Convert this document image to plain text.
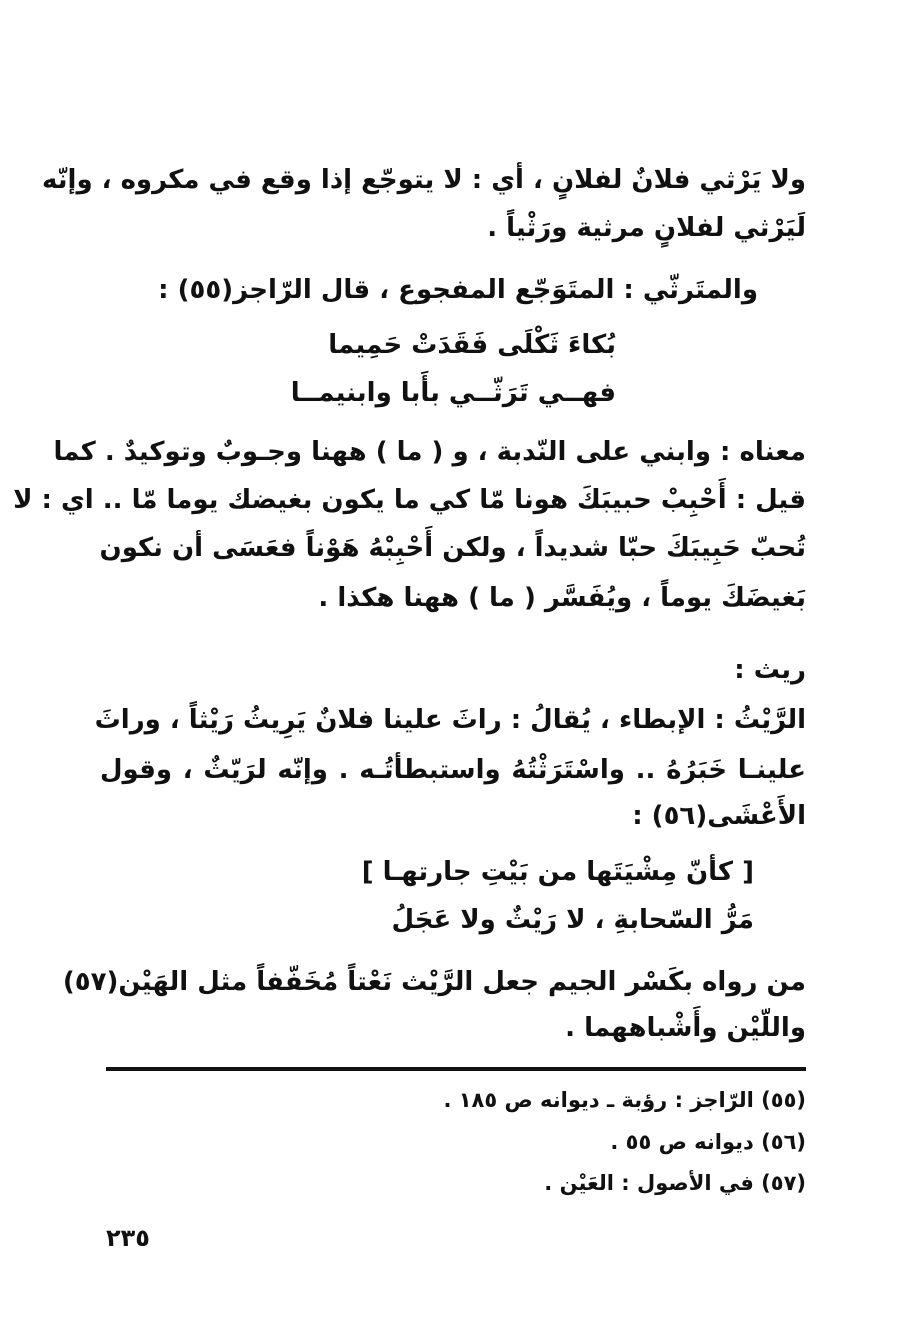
ولا يَرْثي فلانٌ لفلانٍ ، أي : لا يتوجّع إذا وقع في مكروه ، وإنّه
لَيَرْثي لفلانٍ مرثية ورَثْياً .
والمتَرثّي : المتَوَجّع المفجوع ، قال الرّاجز(٥٥) :
بُكاءَ ثَكْلَى فَقَدَتْ حَمِيما
فهــي تَرَثّــي بأَبا وابنيمــا
معناه : وابني على النّدبة ، و ( ما ) ههنا وجـوبٌ وتوكيدٌ . كما
قيل : أَحْبِبْ حبيبَكَ هونا مّا كي ما يكون بغيضك يوما مّا .. اي : لا
تُحبّ حَبِيبَكَ حبّا شديداً ، ولكن أَحْبِبْهُ هَوْناً فعَسَى أن نكون
بَغيضَكَ يوماً ، ويُفَسَّر ( ما ) ههنا هكذا .
ريث :
الرَّيْثُ : الإبطاء ، يُقالُ : راثَ علينا فلانٌ يَرِيثُ رَيْثاً ، وراثَ
علينـا خَبَرُهُ .. واسْتَرَثْتُهُ واستبطأتُـه . وإنّه لرَيّثٌ ، وقول
الأَعْشَى(٥٦) :
[ كأنّ مِشْيَتَها من بَيْتِ جارتهـا ]
مَرُّ السّحابةِ ، لا رَيْثٌ ولا عَجَلُ
من رواه بكَسْر الجيم جعل الرَّيْث نَعْتاً مُخَفّفاً مثل الهَيْن(٥٧)
واللّيْن وأَشْباههما .
(٥٥) الرّاجز : رؤبة ـ ديوانه ص ١٨٥ .
(٥٦) ديوانه ص ٥٥ .
(٥٧) في الأصول : العَيْن .
٢٣٥
